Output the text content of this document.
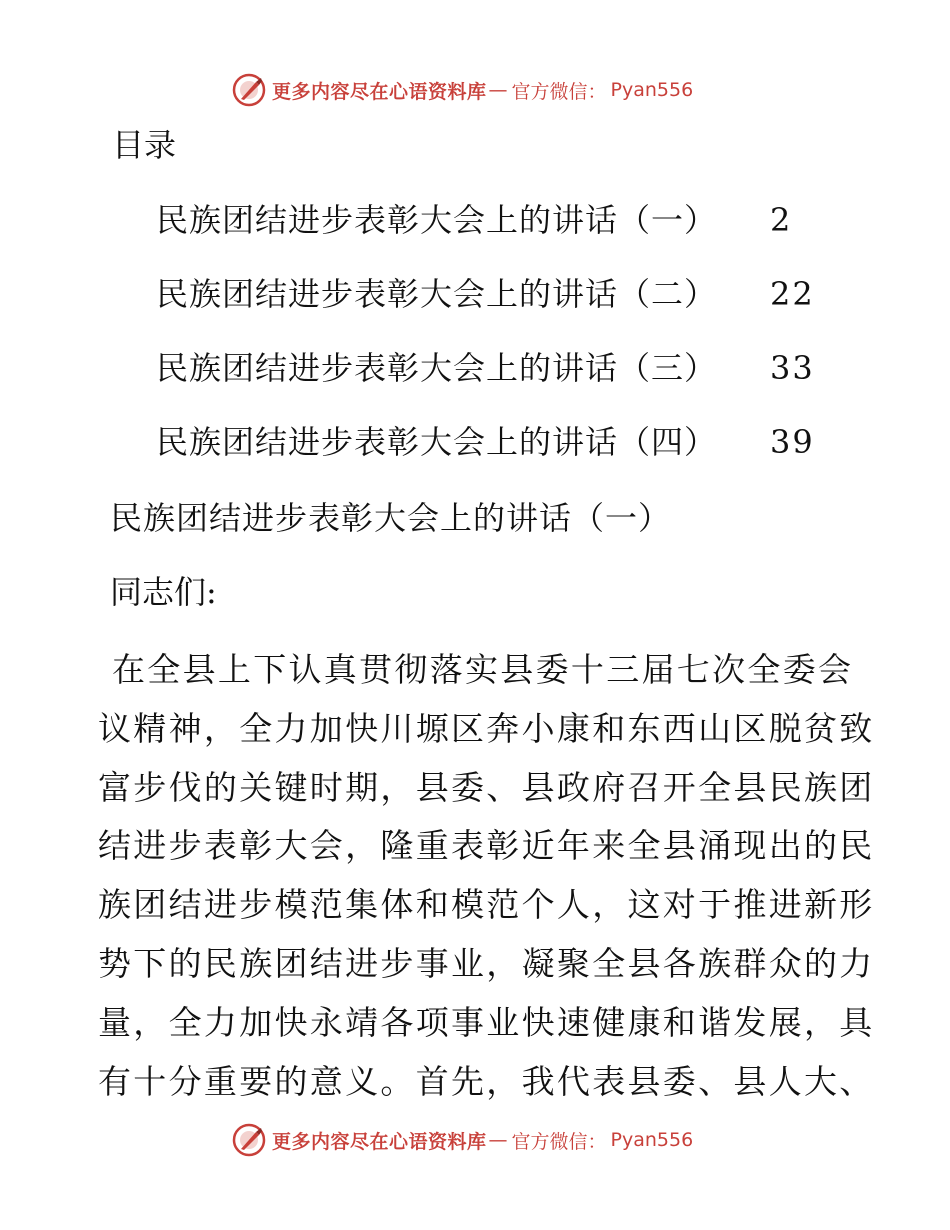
更多内容尽在心语资料库 — 官方微信： Pyan556
目录
民族团结进步表彰大会上的讲话（一） 2
民族团结进步表彰大会上的讲话（二） 22
民族团结进步表彰大会上的讲话（三） 33
民族团结进步表彰大会上的讲话（四） 39
民族团结进步表彰大会上的讲话（一）
同志们:
在全县上下认真贯彻落实县委十三届七次全委会
议精神，全力加快川塬区奔小康和东西山区脱贫致
富步伐的关键时期，县委、县政府召开全县民族团
结进步表彰大会，隆重表彰近年来全县涌现出的民
族团结进步模范集体和模范个人，这对于推进新形
势下的民族团结进步事业，凝聚全县各族群众的力
量，全力加快永靖各项事业快速健康和谐发展，具
有十分重要的意义。首先，我代表县委、县人大、
更多内容尽在心语资料库 — 官方微信： Pyan556
